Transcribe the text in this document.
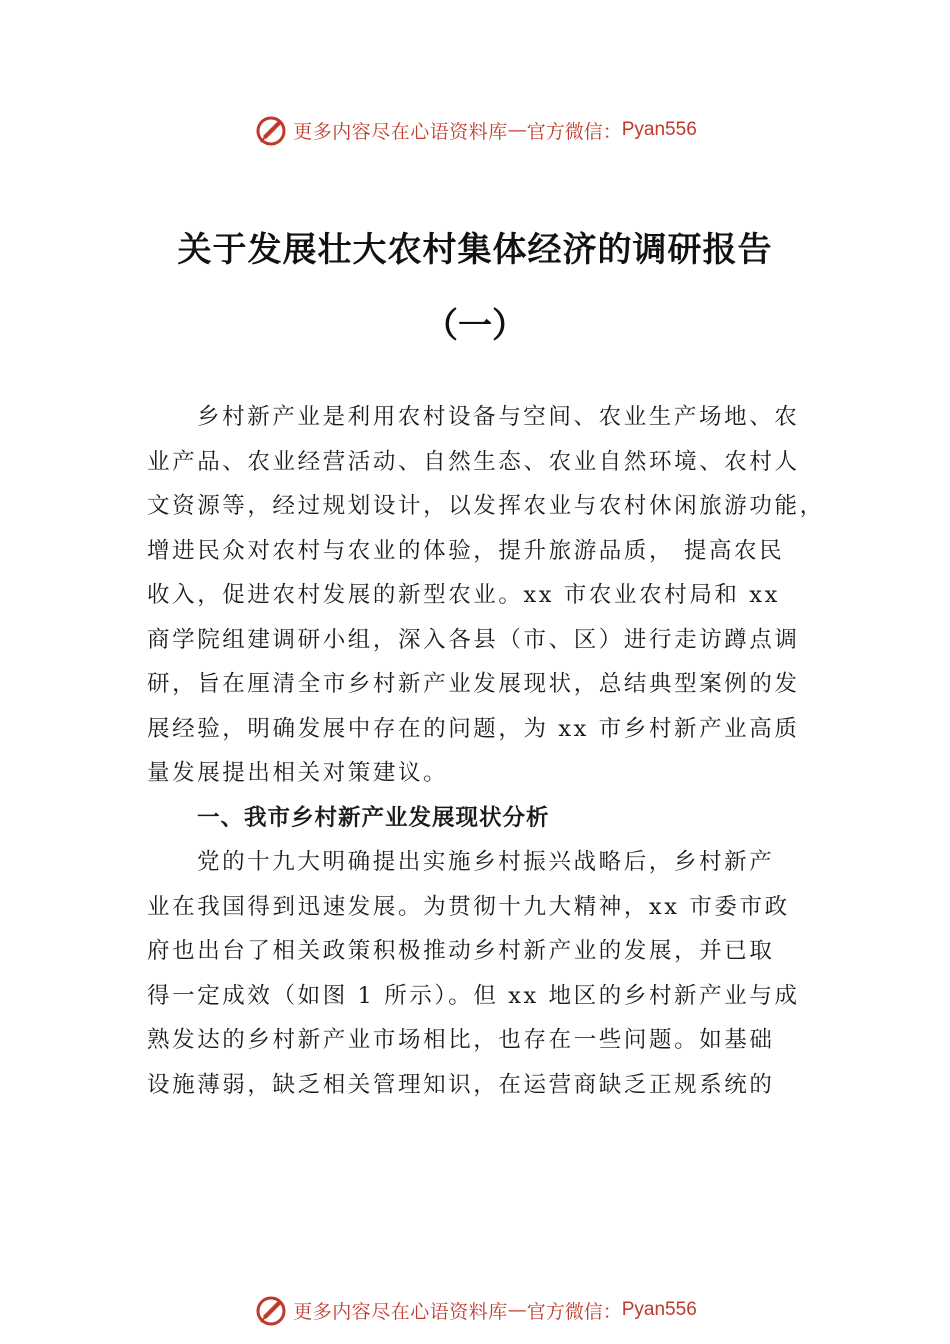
更多内容尽在心语资料库 — 官方微信： Pyan556
关于发展壮大农村集体经济的调研报告
（一）
乡村新产业是利用农村设备与空间、农业生产场地、农
业产品、农业经营活动、自然生态、农业自然环境、农村人
文资源等，经过规划设计，以发挥农业与农村休闲旅游功能，
增进民众对农村与农业的体验，提升旅游品质， 提高农民
收入，促进农村发展的新型农业。xx 市农业农村局和 xx
商学院组建调研小组，深入各县（市、区）进行走访蹲点调
研，旨在厘清全市乡村新产业发展现状，总结典型案例的发
展经验，明确发展中存在的问题，为 xx 市乡村新产业高质
量发展提出相关对策建议。
一、我市乡村新产业发展现状分析
党的十九大明确提出实施乡村振兴战略后，乡村新产
业在我国得到迅速发展。为贯彻十九大精神，xx 市委市政
府也出台了相关政策积极推动乡村新产业的发展，并已取
得一定成效（如图 1 所示）。但 xx 地区的乡村新产业与成
熟发达的乡村新产业市场相比，也存在一些问题。如基础
设施薄弱，缺乏相关管理知识，在运营商缺乏正规系统的
更多内容尽在心语资料库 — 官方微信： Pyan556
